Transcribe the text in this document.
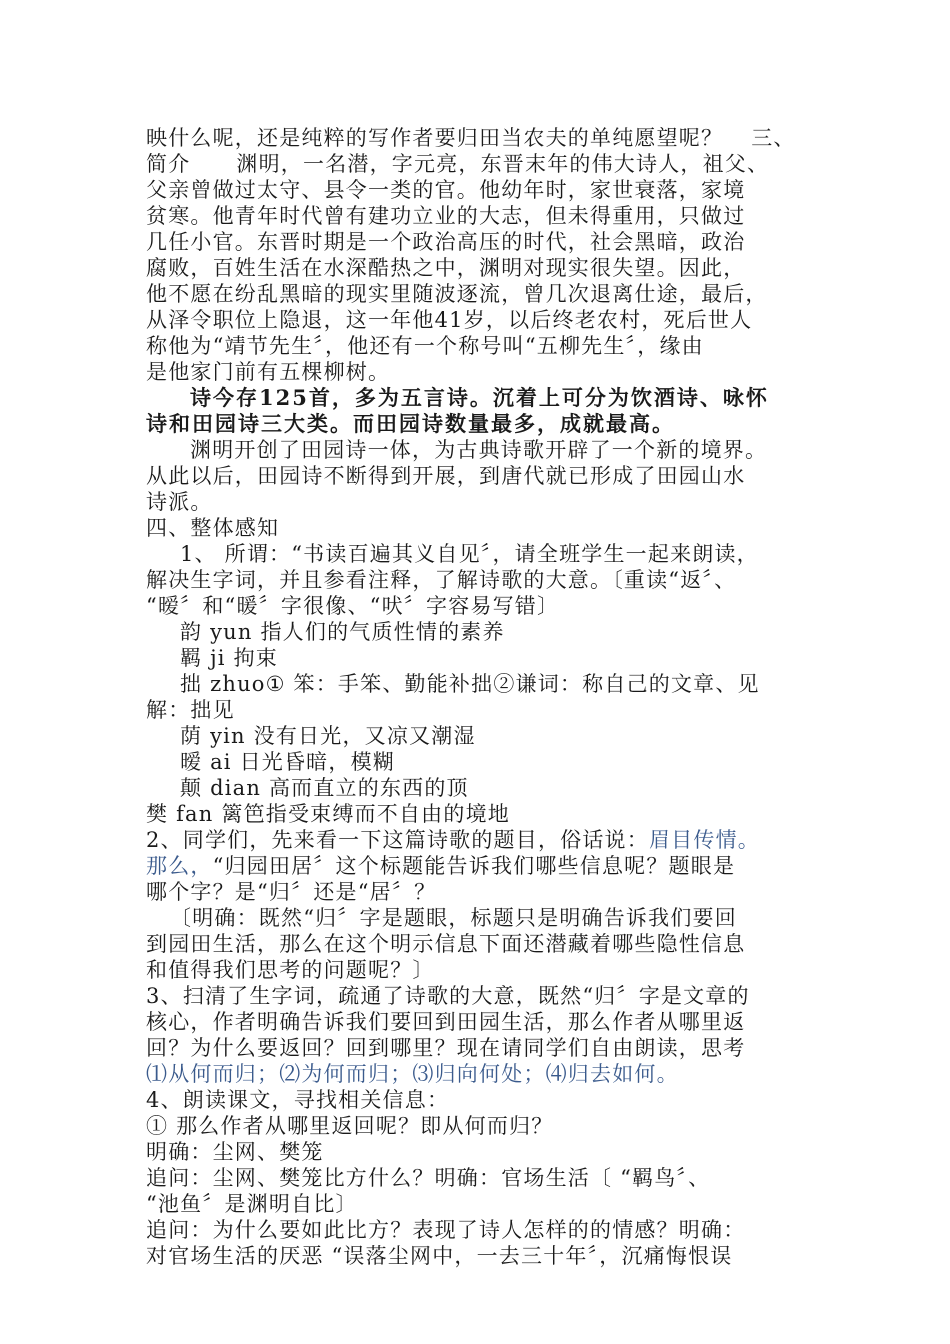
映什么呢，还是纯粹的写作者要归田当农夫的单纯愿望呢？ 三、
简介 渊明，一名潜，字元亮，东晋末年的伟大诗人，祖父、
父亲曾做过太守、县令一类的官。他幼年时，家世衰落，家境
贫寒。他青年时代曾有建功立业的大志，但未得重用，只做过
几任小官。东晋时期是一个政治高压的时代，社会黑暗，政治
腐败，百姓生活在水深酷热之中，渊明对现实很失望。因此，
他不愿在纷乱黑暗的现实里随波逐流，曾几次退离仕途，最后，
从泽令职位上隐退，这一年他41岁，以后终老农村，死后世人
称他为“靖节先生〞，他还有一个称号叫“五柳先生〞，缘由
是他家门前有五棵柳树。
诗今存125首，多为五言诗。沉着上可分为饮酒诗、咏怀
诗和田园诗三大类。而田园诗数量最多，成就最高。
渊明开创了田园诗一体，为古典诗歌开辟了一个新的境界。
从此以后，田园诗不断得到开展，到唐代就已形成了田园山水
诗派。
四、整体感知
1、 所谓：“书读百遍其义自见〞，请全班学生一起来朗读，
解决生字词，并且参看注释，了解诗歌的大意。〔重读“返〞、
“暧〞和“暖〞字很像、“吠〞字容易写错〕
韵 yun 指人们的气质性情的素养
羁 ji 拘束
拙 zhuo① 笨：手笨、勤能补拙②谦词：称自己的文章、见
解：拙见
荫 yin 没有日光，又凉又潮湿
暧 ai 日光昏暗，模糊
颠 dian 高而直立的东西的顶
樊 fan 篱笆指受束缚而不自由的境地
2、同学们，先来看一下这篇诗歌的题目，俗话说：眉目传情。
那么，“归园田居〞这个标题能告诉我们哪些信息呢？题眼是
哪个字？是“归〞还是“居〞？
〔明确：既然“归〞字是题眼，标题只是明确告诉我们要回
到园田生活，那么在这个明示信息下面还潜藏着哪些隐性信息
和值得我们思考的问题呢？〕
3、扫清了生字词，疏通了诗歌的大意，既然“归〞字是文章的
核心，作者明确告诉我们要回到田园生活，那么作者从哪里返
回？为什么要返回？回到哪里？现在请同学们自由朗读，思考
⑴从何而归；⑵为何而归；⑶归向何处；⑷归去如何。
4、朗读课文，寻找相关信息：
① 那么作者从哪里返回呢？即从何而归？
明确：尘网、樊笼
追问：尘网、樊笼比方什么？明确：官场生活〔 “羁鸟〞、
“池鱼〞是渊明自比〕
追问：为什么要如此比方？表现了诗人怎样的的情感？明确：
对官场生活的厌恶 “误落尘网中，一去三十年〞，沉痛悔恨误
